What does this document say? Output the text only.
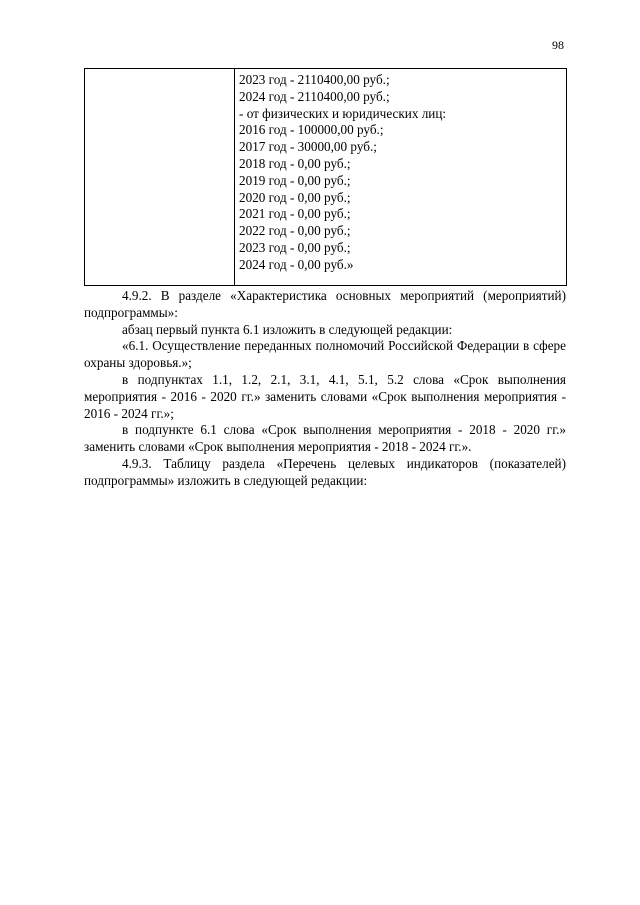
98

2023 год - 2110400,00 руб.;
2024 год - 2110400,00 руб.;
- от физических и юридических лиц:
2016 год - 100000,00 руб.;
2017 год - 30000,00 руб.;
2018 год - 0,00 руб.;
2019 год - 0,00 руб.;
2020 год - 0,00 руб.;
2021 год - 0,00 руб.;
2022 год - 0,00 руб.;
2023 год - 0,00 руб.;
2024 год - 0,00 руб.»

4.9.2. В разделе «Характеристика основных мероприятий (мероприятий) подпрограммы»:

абзац первый пункта 6.1 изложить в следующей редакции:

«6.1. Осуществление переданных полномочий Российской Федерации в сфере охраны здоровья.»;

в подпунктах 1.1, 1.2, 2.1, 3.1, 4.1, 5.1, 5.2 слова «Срок выполнения мероприятия - 2016 - 2020 гг.» заменить словами «Срок выполнения мероприятия - 2016 - 2024 гг.»;

в подпункте 6.1 слова «Срок выполнения мероприятия - 2018 - 2020 гг.» заменить словами «Срок выполнения мероприятия - 2018 - 2024 гг.».

4.9.3. Таблицу раздела «Перечень целевых индикаторов (показателей) подпрограммы» изложить в следующей редакции:
